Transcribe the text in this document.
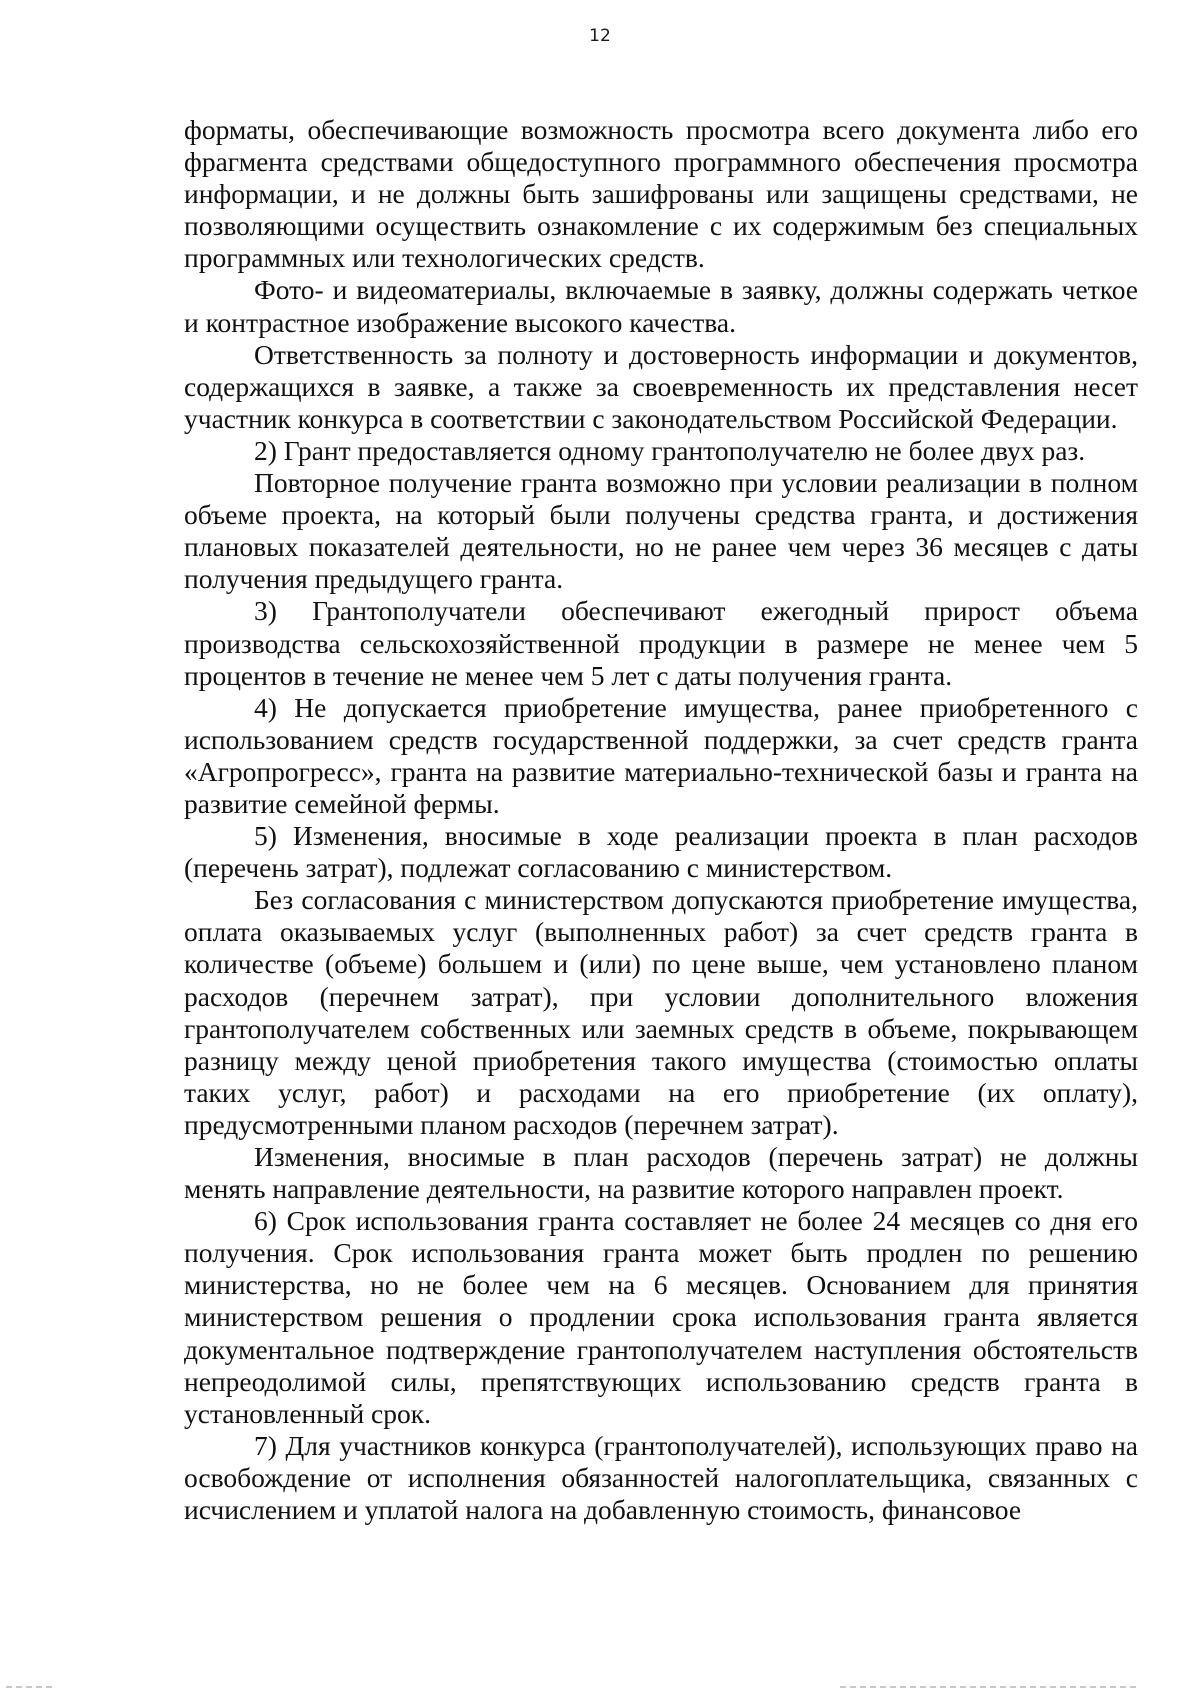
12

форматы, обеспечивающие возможность просмотра всего документа либо его фрагмента средствами общедоступного программного обеспечения просмотра информации, и не должны быть зашифрованы или защищены средствами, не позволяющими осуществить ознакомление с их содержимым без специальных программных или технологических средств.

Фото- и видеоматериалы, включаемые в заявку, должны содержать четкое и контрастное изображение высокого качества.

Ответственность за полноту и достоверность информации и документов, содержащихся в заявке, а также за своевременность их представления несет участник конкурса в соответствии с законодательством Российской Федерации.

2) Грант предоставляется одному грантополучателю не более двух раз.

Повторное получение гранта возможно при условии реализации в полном объеме проекта, на который были получены средства гранта, и достижения плановых показателей деятельности, но не ранее чем через 36 месяцев с даты получения предыдущего гранта.

3) Грантополучатели обеспечивают ежегодный прирост объема производства сельскохозяйственной продукции в размере не менее чем 5 процентов в течение не менее чем 5 лет с даты получения гранта.

4) Не допускается приобретение имущества, ранее приобретенного с использованием средств государственной поддержки, за счет средств гранта «Агропрогресс», гранта на развитие материально-технической базы и гранта на развитие семейной фермы.

5) Изменения, вносимые в ходе реализации проекта в план расходов (перечень затрат), подлежат согласованию с министерством.

Без согласования с министерством допускаются приобретение имущества, оплата оказываемых услуг (выполненных работ) за счет средств гранта в количестве (объеме) большем и (или) по цене выше, чем установлено планом расходов (перечнем затрат), при условии дополнительного вложения грантополучателем собственных или заемных средств в объеме, покрывающем разницу между ценой приобретения такого имущества (стоимостью оплаты таких услуг, работ) и расходами на его приобретение (их оплату), предусмотренными планом расходов (перечнем затрат).

Изменения, вносимые в план расходов (перечень затрат) не должны менять направление деятельности, на развитие которого направлен проект.

6) Срок использования гранта составляет не более 24 месяцев со дня его получения. Срок использования гранта может быть продлен по решению министерства, но не более чем на 6 месяцев. Основанием для принятия министерством решения о продлении срока использования гранта является документальное подтверждение грантополучателем наступления обстоятельств непреодолимой силы, препятствующих использованию средств гранта в установленный срок.

7) Для участников конкурса (грантополучателей), использующих право на освобождение от исполнения обязанностей налогоплательщика, связанных с исчислением и уплатой налога на добавленную стоимость, финансовое
